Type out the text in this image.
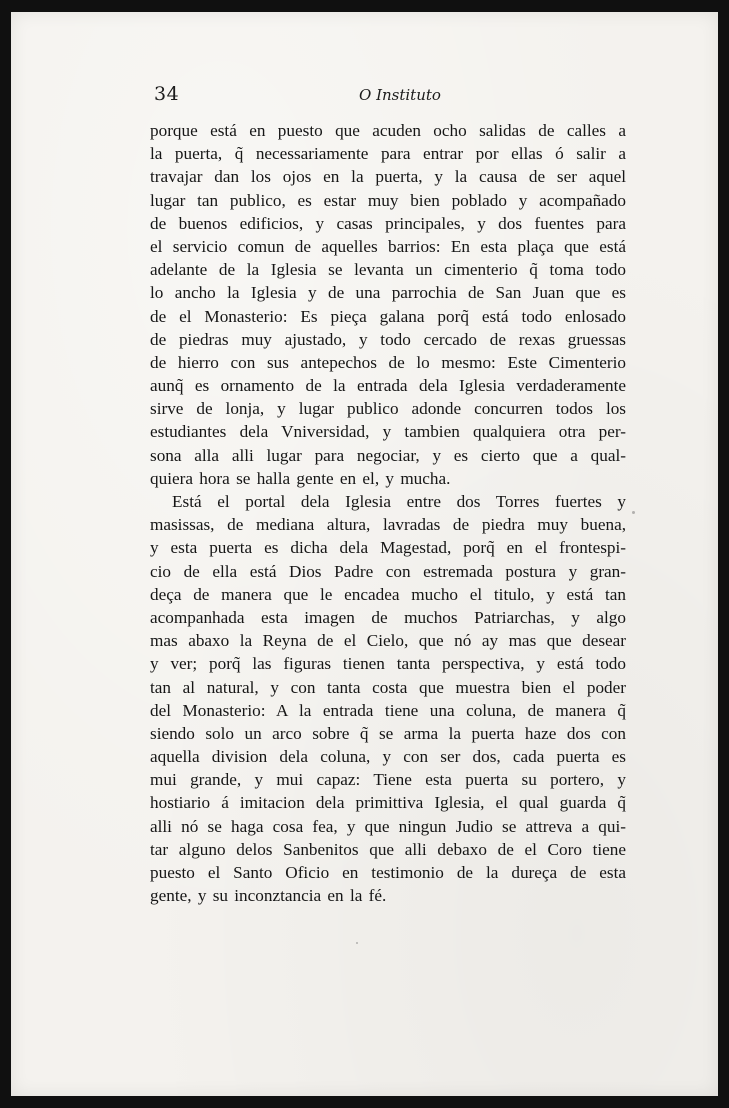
34	O Instituto
porque está en puesto que acuden ocho salidas de calles a
la puerta, q̃ necessariamente para entrar por ellas ó salir a
travajar dan los ojos en la puerta, y la causa de ser aquel
lugar tan publico, es estar muy bien poblado y acompañado
de buenos edificios, y casas principales, y dos fuentes para
el servicio comun de aquelles barrios: En esta plaça que está
adelante de la Iglesia se levanta un cimenterio q̃ toma todo
lo ancho la Iglesia y de una parrochia de San Juan que es
de el Monasterio: Es pieça galana porq̃ está todo enlosado
de piedras muy ajustado, y todo cercado de rexas gruessas
de hierro con sus antepechos de lo mesmo: Este Cimenterio
aunq̃ es ornamento de la entrada dela Iglesia verdaderamente
sirve de lonja, y lugar publico adonde concurren todos los
estudiantes dela Vniversidad, y tambien qualquiera otra per-
sona alla alli lugar para negociar, y es cierto que a qual-
quiera hora se halla gente en el, y mucha.
Está el portal dela Iglesia entre dos Torres fuertes y
masissas, de mediana altura, lavradas de piedra muy buena,
y esta puerta es dicha dela Magestad, porq̃ en el frontespi-
cio de ella está Dios Padre con estremada postura y gran-
deça de manera que le encadea mucho el titulo, y está tan
acompanhada esta imagen de muchos Patriarchas, y algo
mas abaxo la Reyna de el Cielo, que nó ay mas que desear
y ver; porq̃ las figuras tienen tanta perspectiva, y está todo
tan al natural, y con tanta costa que muestra bien el poder
del Monasterio: A la entrada tiene una coluna, de manera q̃
siendo solo un arco sobre q̃ se arma la puerta haze dos con
aquella division dela coluna, y con ser dos, cada puerta es
mui grande, y mui capaz: Tiene esta puerta su portero, y
hostiario á imitacion dela primittiva Iglesia, el qual guarda q̃
alli nó se haga cosa fea, y que ningun Judio se attreva a qui-
tar alguno delos Sanbenitos que alli debaxo de el Coro tiene
puesto el Santo Oficio en testimonio de la dureça de esta
gente, y su inconztancia en la fé.
